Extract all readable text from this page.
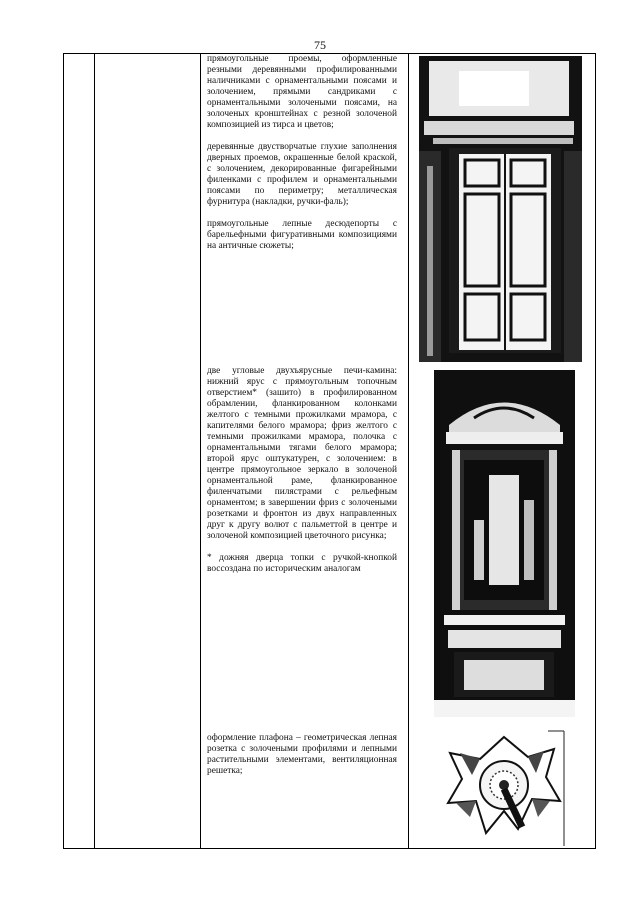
75

прямоугольные проемы, оформленные резными деревянными профилированными наличниками с орнаментальными поясами и золочением, прямыми сандриками с орнаментальными золочеными поясами, на золоченых кронштейнах с резной золоченой композицией из тирса и цветов;

деревянные двустворчатые глухие заполнения дверных проемов, окрашенные белой краской, с золочением, декорированные фигарейными филенками с профилем и орнаментальными поясами по периметру; металлическая фурнитура (накладки, ручки-фаль);

прямоугольные лепные десюдепорты с барельефными фигуративными композициями на античные сюжеты;

две угловые двухъярусные печи-камина: нижний ярус с прямоугольным топочным отверстием* (зашито) в профилированном обрамлении, фланкированном колонками желтого с темными прожилками мрамора, с капителями белого мрамора; фриз желтого с темными прожилками мрамора, полочка с орнаментальными тягами белого мрамора; второй ярус оштукатурен, с золочением: в центре прямоугольное зеркало в золоченой орнаментальной раме, фланкированное филенчатыми пилястрами с рельефным орнаментом; в завершении фриз с золочеными розетками и фронтон из двух направленных друг к другу волют с пальметтой в центре и золоченой композицией цветочного рисунка;

* дожняя дверца топки с ручкой-кнопкой воссоздана по историческим аналогам

оформление плафона – геометрическая лепная розетка с золочеными профилями и лепными растительными элементами, вентиляционная решетка;
